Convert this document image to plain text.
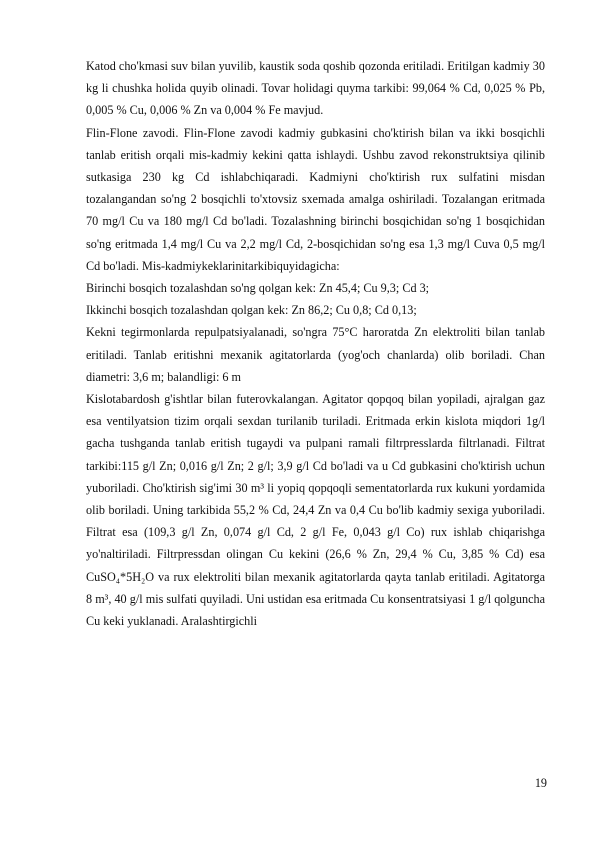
Katod cho'kmasi suv bilan yuvilib, kaustik soda qoshib qozonda eritiladi. Eritilgan kadmiy 30 kg li chushka holida quyib olinadi. Tovar holidagi quyma tarkibi: 99,064 % Cd, 0,025 % Pb, 0,005 % Cu, 0,006 % Zn va 0,004 % Fe mavjud.

Flin-Flone zavodi. Flin-Flone zavodi kadmiy gubkasini cho'ktirish bilan va ikki bosqichli tanlab eritish orqali mis-kadmiy kekini qatta ishlaydi. Ushbu zavod rekonstruktsiya qilinib sutkasiga 230 kg Cd ishlabchiqaradi. Kadmiyni cho'ktirish rux sulfatini misdan tozalangandan so'ng 2 bosqichli to'xtovsiz sxemada amalga oshiriladi. Tozalangan eritmada 70 mg/l Cu va 180 mg/l Cd bo'ladi. Tozalashning birinchi bosqichidan so'ng 1 bosqichidan so'ng eritmada 1,4 mg/l Cu va 2,2 mg/l Cd, 2-bosqichidan so'ng esa 1,3 mg/l Cuva 0,5 mg/l Cd bo'ladi. Mis-kadmiykeklarinitarkibiquyidagicha:

Birinchi bosqich tozalashdan so'ng qolgan kek: Zn 45,4; Cu 9,3; Cd 3;

Ikkinchi bosqich tozalashdan qolgan kek: Zn 86,2; Cu 0,8; Cd 0,13;

Kekni tegirmonlarda repulpatsiyalanadi, so'ngra 75°C haroratda Zn elektroliti bilan tanlab eritiladi. Tanlab eritishni mexanik agitatorlarda (yog'och chanlarda) olib boriladi. Chan diametri: 3,6 m; balandligi: 6 m

Kislotabardosh g'ishtlar bilan futerovkalangan. Agitator qopqoq bilan yopiladi, ajralgan gaz esa ventilyatsion tizim orqali sexdan turilanib turiladi. Eritmada erkin kislota miqdori 1g/l gacha tushganda tanlab eritish tugaydi va pulpani ramali filtrpresslarda filtrlanadi. Filtrat tarkibi:115 g/l Zn; 0,016 g/l Zn; 2 g/l; 3,9 g/l Cd bo'ladi va u Cd gubkasini cho'ktirish uchun yuboriladi. Cho'ktirish sig'imi 30 m³ li yopiq qopqoqli sementatorlarda rux kukuni yordamida olib boriladi. Uning tarkibida 55,2 % Cd, 24,4 Zn va 0,4 Cu bo'lib kadmiy sexiga yuboriladi. Filtrat esa (109,3 g/l Zn, 0,074 g/l Cd, 2 g/l Fe, 0,043 g/l Co) rux ishlab chiqarishga yo'naltiriladi. Filtrpressdan olingan Cu kekini (26,6 % Zn, 29,4 % Cu, 3,85 % Cd) esa CuSO₄*5H₂O va rux elektroliti bilan mexanik agitatorlarda qayta tanlab eritiladi. Agitatorga 8 m³, 40 g/l mis sulfati quyiladi. Uni ustidan esa eritmada Cu konsentratsiyasi 1 g/l qolguncha Cu keki yuklanadi. Aralashtirgichli

19
